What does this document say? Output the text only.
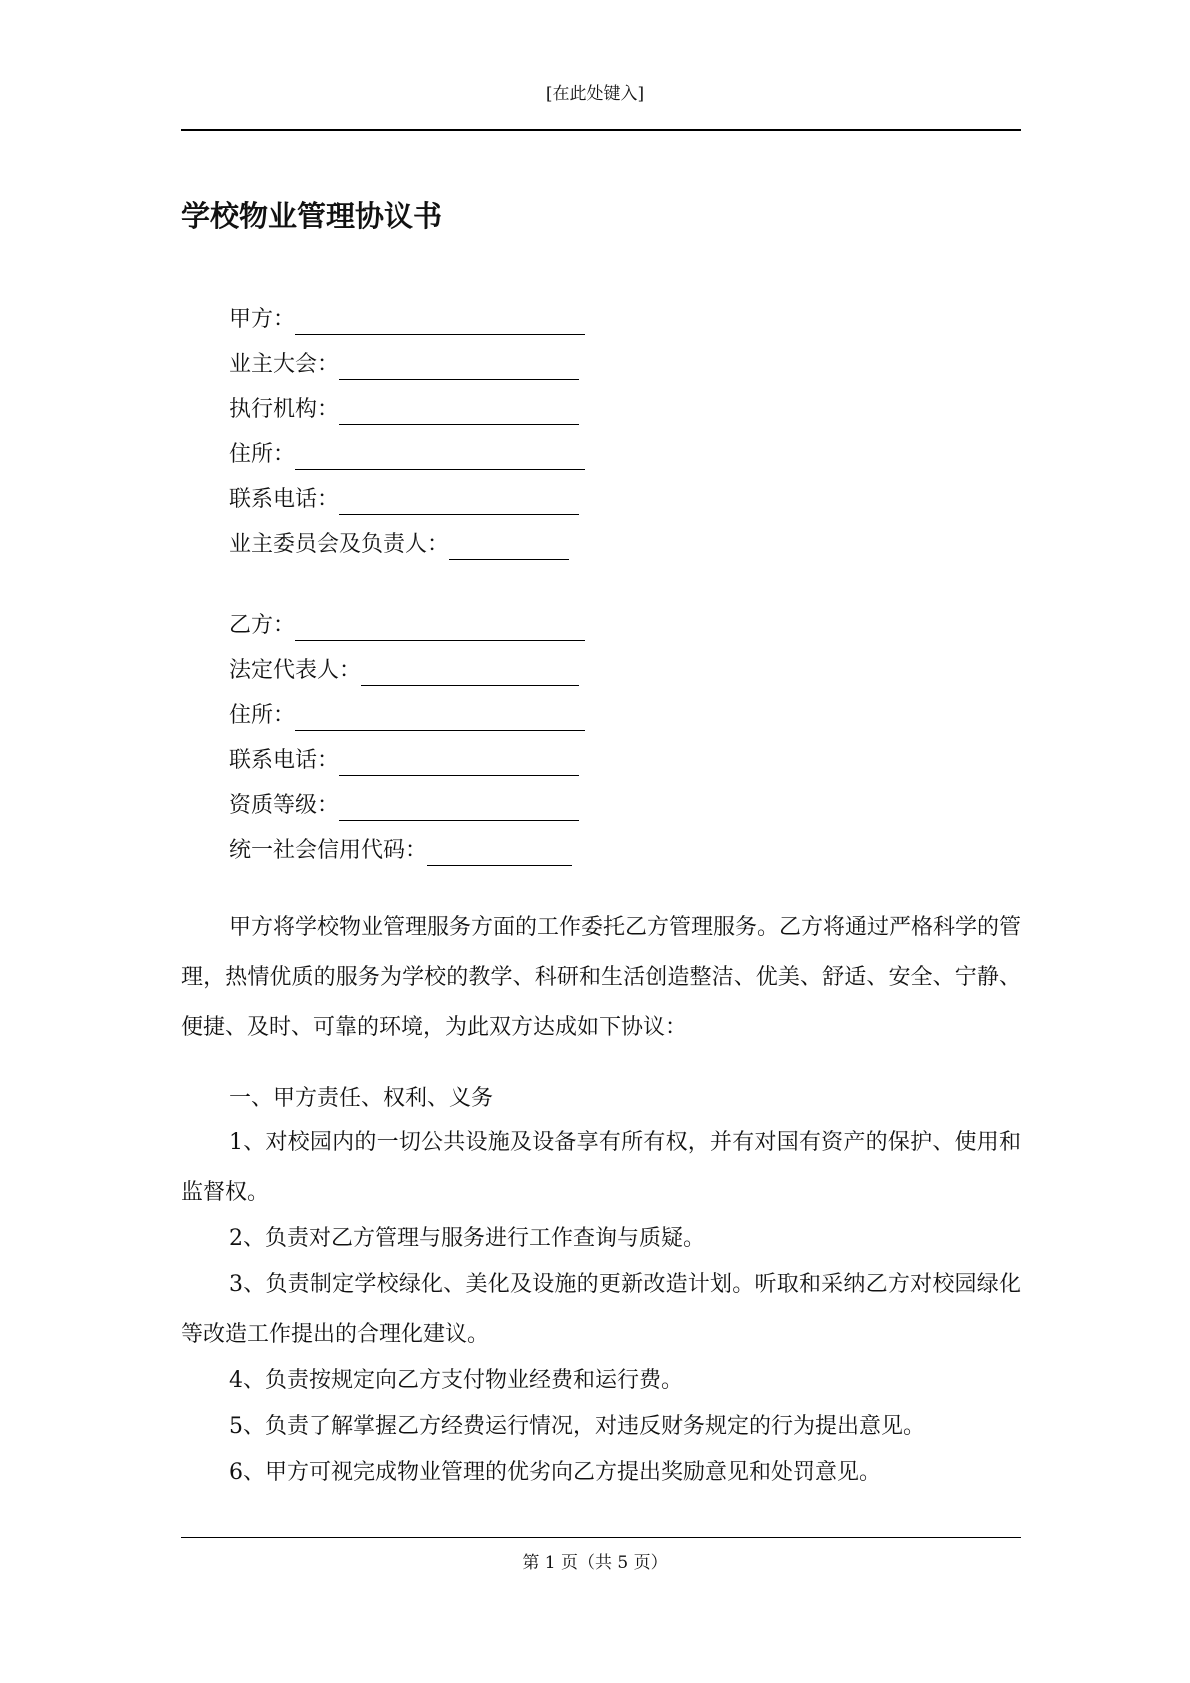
[在此处键入]
学校物业管理协议书
甲方：
业主大会：
执行机构：
住所：
联系电话：
业主委员会及负责人：
乙方：
法定代表人：
住所：
联系电话：
资质等级：
统一社会信用代码：

甲方将学校物业管理服务方面的工作委托乙方管理服务。乙方将通过严格科学的管理，热情优质的服务为学校的教学、科研和生活创造整洁、优美、舒适、安全、宁静、便捷、及时、可靠的环境，为此双方达成如下协议：

一、甲方责任、权利、义务

1、对校园内的一切公共设施及设备享有所有权，并有对国有资产的保护、使用和监督权。

2、负责对乙方管理与服务进行工作查询与质疑。

3、负责制定学校绿化、美化及设施的更新改造计划。听取和采纳乙方对校园绿化等改造工作提出的合理化建议。

4、负责按规定向乙方支付物业经费和运行费。

5、负责了解掌握乙方经费运行情况，对违反财务规定的行为提出意见。

6、甲方可视完成物业管理的优劣向乙方提出奖励意见和处罚意见。

第 1 页（共 5 页）
